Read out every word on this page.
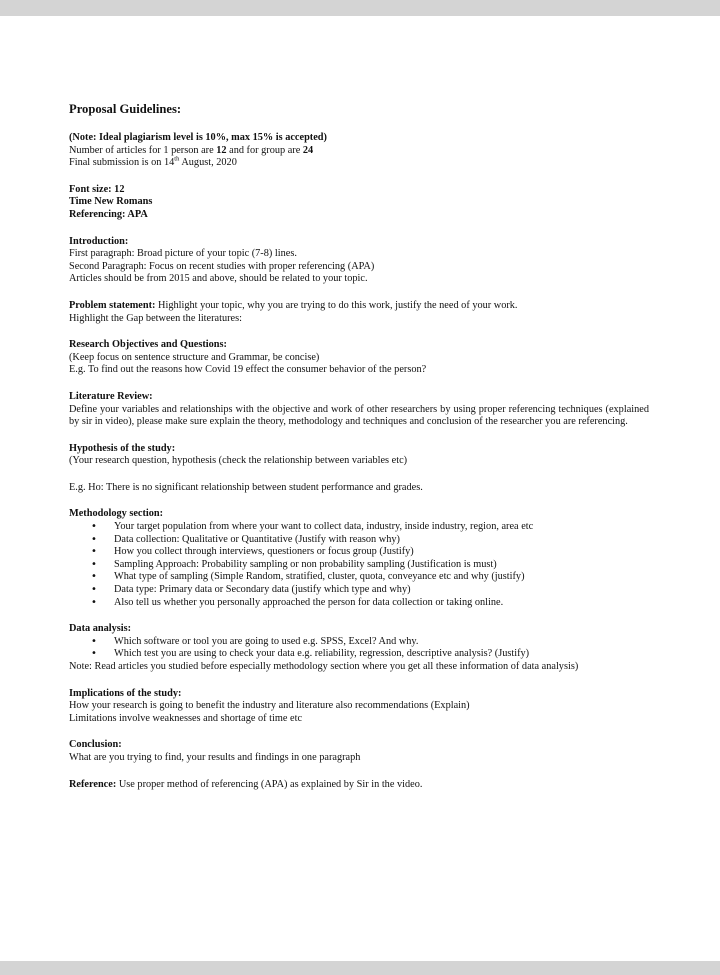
Proposal Guidelines:
(Note: Ideal plagiarism level is 10%, max 15% is accepted)
Number of articles for 1 person are 12 and for group are 24
Final submission is on 14th August, 2020
Font size: 12
Time New Romans
Referencing: APA
Introduction:
First paragraph: Broad picture of your topic (7-8) lines.
Second Paragraph: Focus on recent studies with proper referencing (APA)
Articles should be from 2015 and above, should be related to your topic.
Problem statement: Highlight your topic, why you are trying to do this work, justify the need of your work.
Highlight the Gap between the literatures:
Research Objectives and Questions:
(Keep focus on sentence structure and Grammar, be concise)
E.g. To find out the reasons how Covid 19 effect the consumer behavior of the person?
Literature Review:
Define your variables and relationships with the objective and work of other researchers by using proper referencing techniques (explained by sir in video), please make sure explain the theory, methodology and techniques and conclusion of the researcher you are referencing.
Hypothesis of the study:
(Your research question, hypothesis (check the relationship between variables etc)
E.g. Ho: There is no significant relationship between student performance and grades.
Methodology section:
• Your target population from where your want to collect data, industry, inside industry, region, area etc
• Data collection: Qualitative or Quantitative (Justify with reason why)
• How you collect through interviews, questioners or focus group (Justify)
• Sampling Approach: Probability sampling or non probability sampling (Justification is must)
• What type of sampling (Simple Random, stratified, cluster, quota, conveyance etc and why (justify)
• Data type: Primary data or Secondary data (justify which type and why)
• Also tell us whether you personally approached the person for data collection or taking online.
Data analysis:
• Which software or tool you are going to used e.g. SPSS, Excel? And why.
• Which test you are using to check your data e.g. reliability, regression, descriptive analysis? (Justify)
Note: Read articles you studied before especially methodology section where you get all these information of data analysis)
Implications of the study:
How your research is going to benefit the industry and literature also recommendations (Explain)
Limitations involve weaknesses and shortage of time etc
Conclusion:
What are you trying to find, your results and findings in one paragraph
Reference: Use proper method of referencing (APA) as explained by Sir in the video.
